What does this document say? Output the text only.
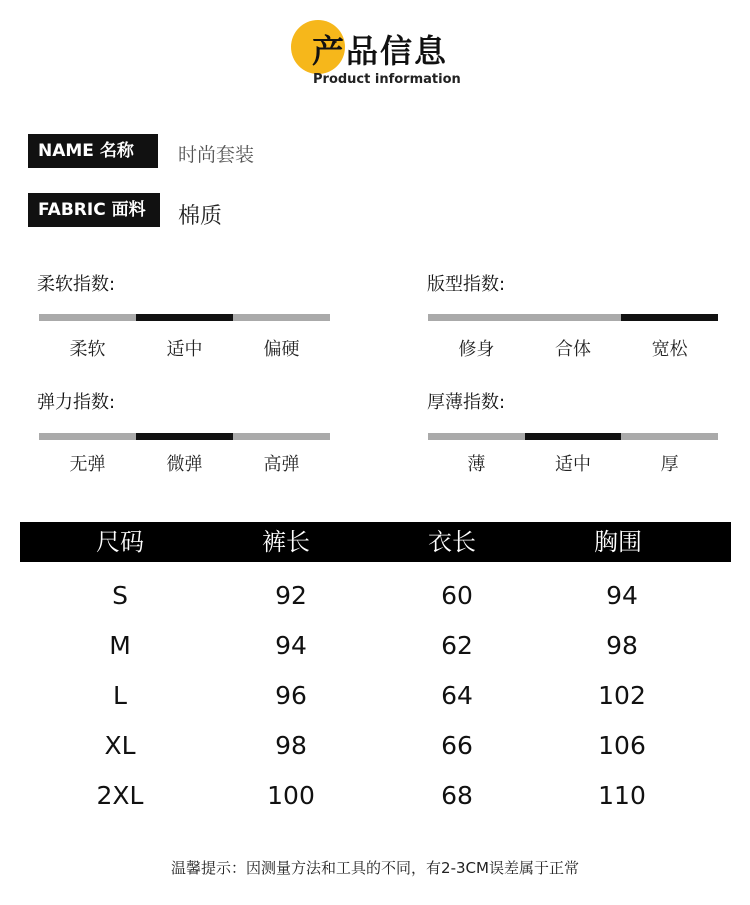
产品信息
Product information
NAME 名称	时尚套装
FABRIC 面料	棉质
柔软指数:
柔软	适中	偏硬
版型指数:
修身	合体	宽松
弹力指数:
无弹	微弹	高弹
厚薄指数:
薄	适中	厚
尺码	裤长	衣长	胸围
S	92	60	94
M	94	62	98
L	96	64	102
XL	98	66	106
2XL	100	68	110
温馨提示：因测量方法和工具的不同，有2-3CM误差属于正常
